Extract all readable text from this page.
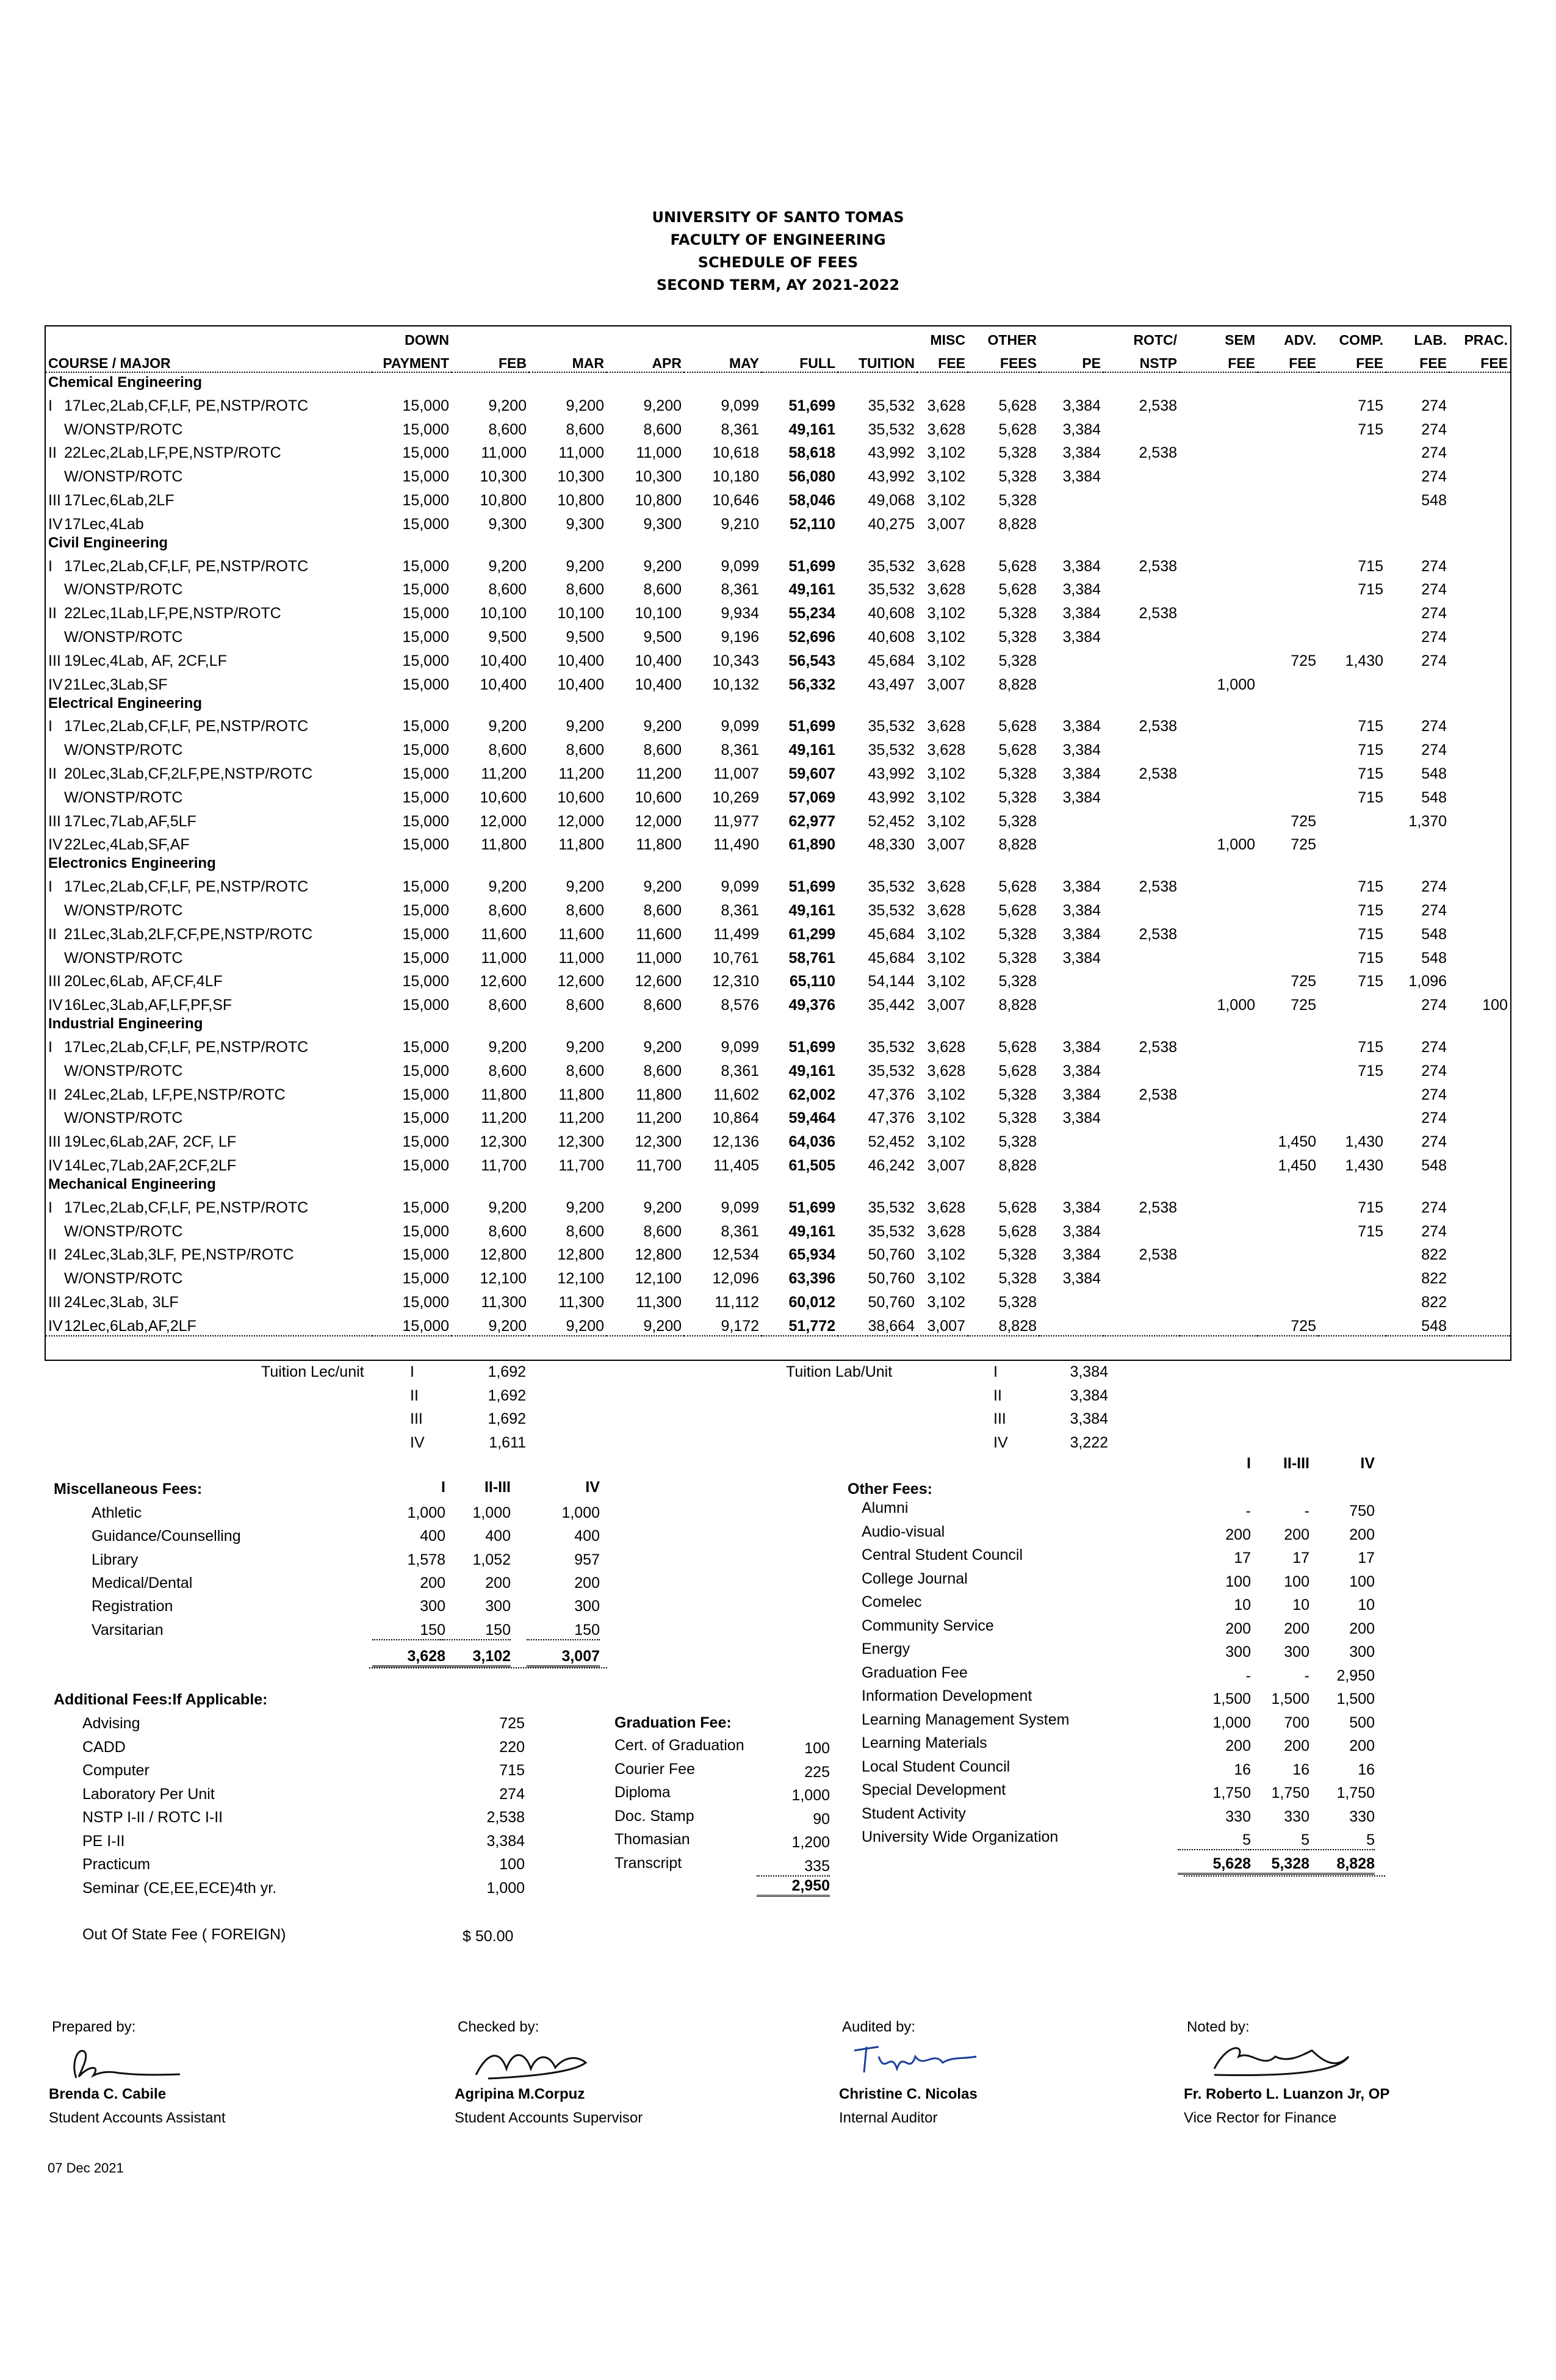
UNIVERSITY OF SANTO TOMAS
FACULTY OF ENGINEERING
SCHEDULE OF FEES
SECOND TERM, AY 2021-2022
	DOWN							MISC	OTHER		ROTC/	SEM	ADV.	COMP.	LAB.	PRAC.
COURSE / MAJOR	PAYMENT	FEB	MAR	APR	MAY	FULL	TUITION	FEE	FEES	PE	NSTP	FEE	FEE	FEE	FEE	FEE
Chemical Engineering																
I 17Lec,2Lab,CF,LF, PE,NSTP/ROTC	15,000	9,200	9,200	9,200	9,099	51,699	35,532	3,628	5,628	3,384	2,538			715	274	
W/ONSTP/ROTC	15,000	8,600	8,600	8,600	8,361	49,161	35,532	3,628	5,628	3,384				715	274	
II 22Lec,2Lab,LF,PE,NSTP/ROTC	15,000	11,000	11,000	11,000	10,618	58,618	43,992	3,102	5,328	3,384	2,538				274	
W/ONSTP/ROTC	15,000	10,300	10,300	10,300	10,180	56,080	43,992	3,102	5,328	3,384					274	
III 17Lec,6Lab,2LF	15,000	10,800	10,800	10,800	10,646	58,046	49,068	3,102	5,328						548	
IV17Lec,4Lab	15,000	9,300	9,300	9,300	9,210	52,110	40,275	3,007	8,828							
Civil Engineering																
I 17Lec,2Lab,CF,LF, PE,NSTP/ROTC	15,000	9,200	9,200	9,200	9,099	51,699	35,532	3,628	5,628	3,384	2,538			715	274	
W/ONSTP/ROTC	15,000	8,600	8,600	8,600	8,361	49,161	35,532	3,628	5,628	3,384				715	274	
II 22Lec,1Lab,LF,PE,NSTP/ROTC	15,000	10,100	10,100	10,100	9,934	55,234	40,608	3,102	5,328	3,384	2,538				274	
W/ONSTP/ROTC	15,000	9,500	9,500	9,500	9,196	52,696	40,608	3,102	5,328	3,384					274	
III 19Lec,4Lab, AF, 2CF,LF	15,000	10,400	10,400	10,400	10,343	56,543	45,684	3,102	5,328				725	1,430	274	
IV21Lec,3Lab,SF	15,000	10,400	10,400	10,400	10,132	56,332	43,497	3,007	8,828			1,000				
Electrical Engineering																
I 17Lec,2Lab,CF,LF, PE,NSTP/ROTC	15,000	9,200	9,200	9,200	9,099	51,699	35,532	3,628	5,628	3,384	2,538			715	274	
W/ONSTP/ROTC	15,000	8,600	8,600	8,600	8,361	49,161	35,532	3,628	5,628	3,384				715	274	
II 20Lec,3Lab,CF,2LF,PE,NSTP/ROTC	15,000	11,200	11,200	11,200	11,007	59,607	43,992	3,102	5,328	3,384	2,538			715	548	
W/ONSTP/ROTC	15,000	10,600	10,600	10,600	10,269	57,069	43,992	3,102	5,328	3,384				715	548	
III 17Lec,7Lab,AF,5LF	15,000	12,000	12,000	12,000	11,977	62,977	52,452	3,102	5,328				725		1,370	
IV22Lec,4Lab,SF,AF	15,000	11,800	11,800	11,800	11,490	61,890	48,330	3,007	8,828			1,000	725			
Electronics Engineering																
I 17Lec,2Lab,CF,LF, PE,NSTP/ROTC	15,000	9,200	9,200	9,200	9,099	51,699	35,532	3,628	5,628	3,384	2,538			715	274	
W/ONSTP/ROTC	15,000	8,600	8,600	8,600	8,361	49,161	35,532	3,628	5,628	3,384				715	274	
II 21Lec,3Lab,2LF,CF,PE,NSTP/ROTC	15,000	11,600	11,600	11,600	11,499	61,299	45,684	3,102	5,328	3,384	2,538			715	548	
W/ONSTP/ROTC	15,000	11,000	11,000	11,000	10,761	58,761	45,684	3,102	5,328	3,384				715	548	
III 20Lec,6Lab, AF,CF,4LF	15,000	12,600	12,600	12,600	12,310	65,110	54,144	3,102	5,328				725	715	1,096	
IV16Lec,3Lab,AF,LF,PF,SF	15,000	8,600	8,600	8,600	8,576	49,376	35,442	3,007	8,828			1,000	725		274	100
Industrial Engineering																
I 17Lec,2Lab,CF,LF, PE,NSTP/ROTC	15,000	9,200	9,200	9,200	9,099	51,699	35,532	3,628	5,628	3,384	2,538			715	274	
W/ONSTP/ROTC	15,000	8,600	8,600	8,600	8,361	49,161	35,532	3,628	5,628	3,384				715	274	
II 24Lec,2Lab, LF,PE,NSTP/ROTC	15,000	11,800	11,800	11,800	11,602	62,002	47,376	3,102	5,328	3,384	2,538				274	
W/ONSTP/ROTC	15,000	11,200	11,200	11,200	10,864	59,464	47,376	3,102	5,328	3,384					274	
III 19Lec,6Lab,2AF, 2CF, LF	15,000	12,300	12,300	12,300	12,136	64,036	52,452	3,102	5,328				1,450	1,430	274	
IV14Lec,7Lab,2AF,2CF,2LF	15,000	11,700	11,700	11,700	11,405	61,505	46,242	3,007	8,828				1,450	1,430	548	
Mechanical Engineering																
I 17Lec,2Lab,CF,LF, PE,NSTP/ROTC	15,000	9,200	9,200	9,200	9,099	51,699	35,532	3,628	5,628	3,384	2,538			715	274	
W/ONSTP/ROTC	15,000	8,600	8,600	8,600	8,361	49,161	35,532	3,628	5,628	3,384				715	274	
II 24Lec,3Lab,3LF, PE,NSTP/ROTC	15,000	12,800	12,800	12,800	12,534	65,934	50,760	3,102	5,328	3,384	2,538				822	
W/ONSTP/ROTC	15,000	12,100	12,100	12,100	12,096	63,396	50,760	3,102	5,328	3,384					822	
III 24Lec,3Lab, 3LF	15,000	11,300	11,300	11,300	11,112	60,012	50,760	3,102	5,328						822	
IV12Lec,6Lab,AF,2LF	15,000	9,200	9,200	9,200	9,172	51,772	38,664	3,007	8,828				725		548	
Tuition Lec/unit	I	1,692
II	1,692
III	1,692
IV	1,611
Tuition Lab/Unit	I	3,384
II	3,384
III	3,384
IV	3,222
Miscellaneous Fees:	I	II-III	IV
Athletic	1,000	1,000	1,000
Guidance/Counselling	400	400	400
Library	1,578	1,052	957
Medical/Dental	200	200	200
Registration	300	300	300
Varsitarian	150	150	150
3,628	3,102	3,007
Other Fees:
I	II-III	IV
Alumni	-	-	750
Audio-visual	200	200	200
Central Student Council	17	17	17
College Journal	100	100	100
Comelec	10	10	10
Community Service	200	200	200
Energy	300	300	300
Graduation Fee	-	-	2,950
Information Development	1,500	1,500	1,500
Learning Management System	1,000	700	500
Learning Materials	200	200	200
Local Student Council	16	16	16
Special Development	1,750	1,750	1,750
Student Activity	330	330	330
University Wide Organization	5	5	5
5,628	5,328	8,828
Additional Fees:If Applicable:
Advising	725
CADD	220
Computer	715
Laboratory Per Unit	274
NSTP I-II / ROTC I-II	2,538
PE I-II	3,384
Practicum	100
Seminar (CE,EE,ECE)4th yr.	1,000
Out Of State Fee ( FOREIGN)	$ 50.00
Graduation Fee:
Cert. of Graduation	100
Courier Fee	225
Diploma	1,000
Doc. Stamp	90
Thomasian	1,200
Transcript	335
2,950
Prepared by:
Brenda C. Cabile
Student Accounts Assistant
Checked by:
Agripina M.Corpuz
Student Accounts Supervisor
Audited by:
Christine C. Nicolas
Internal Auditor
Noted by:
Fr. Roberto L. Luanzon Jr, OP
Vice Rector for Finance
07 Dec 2021
